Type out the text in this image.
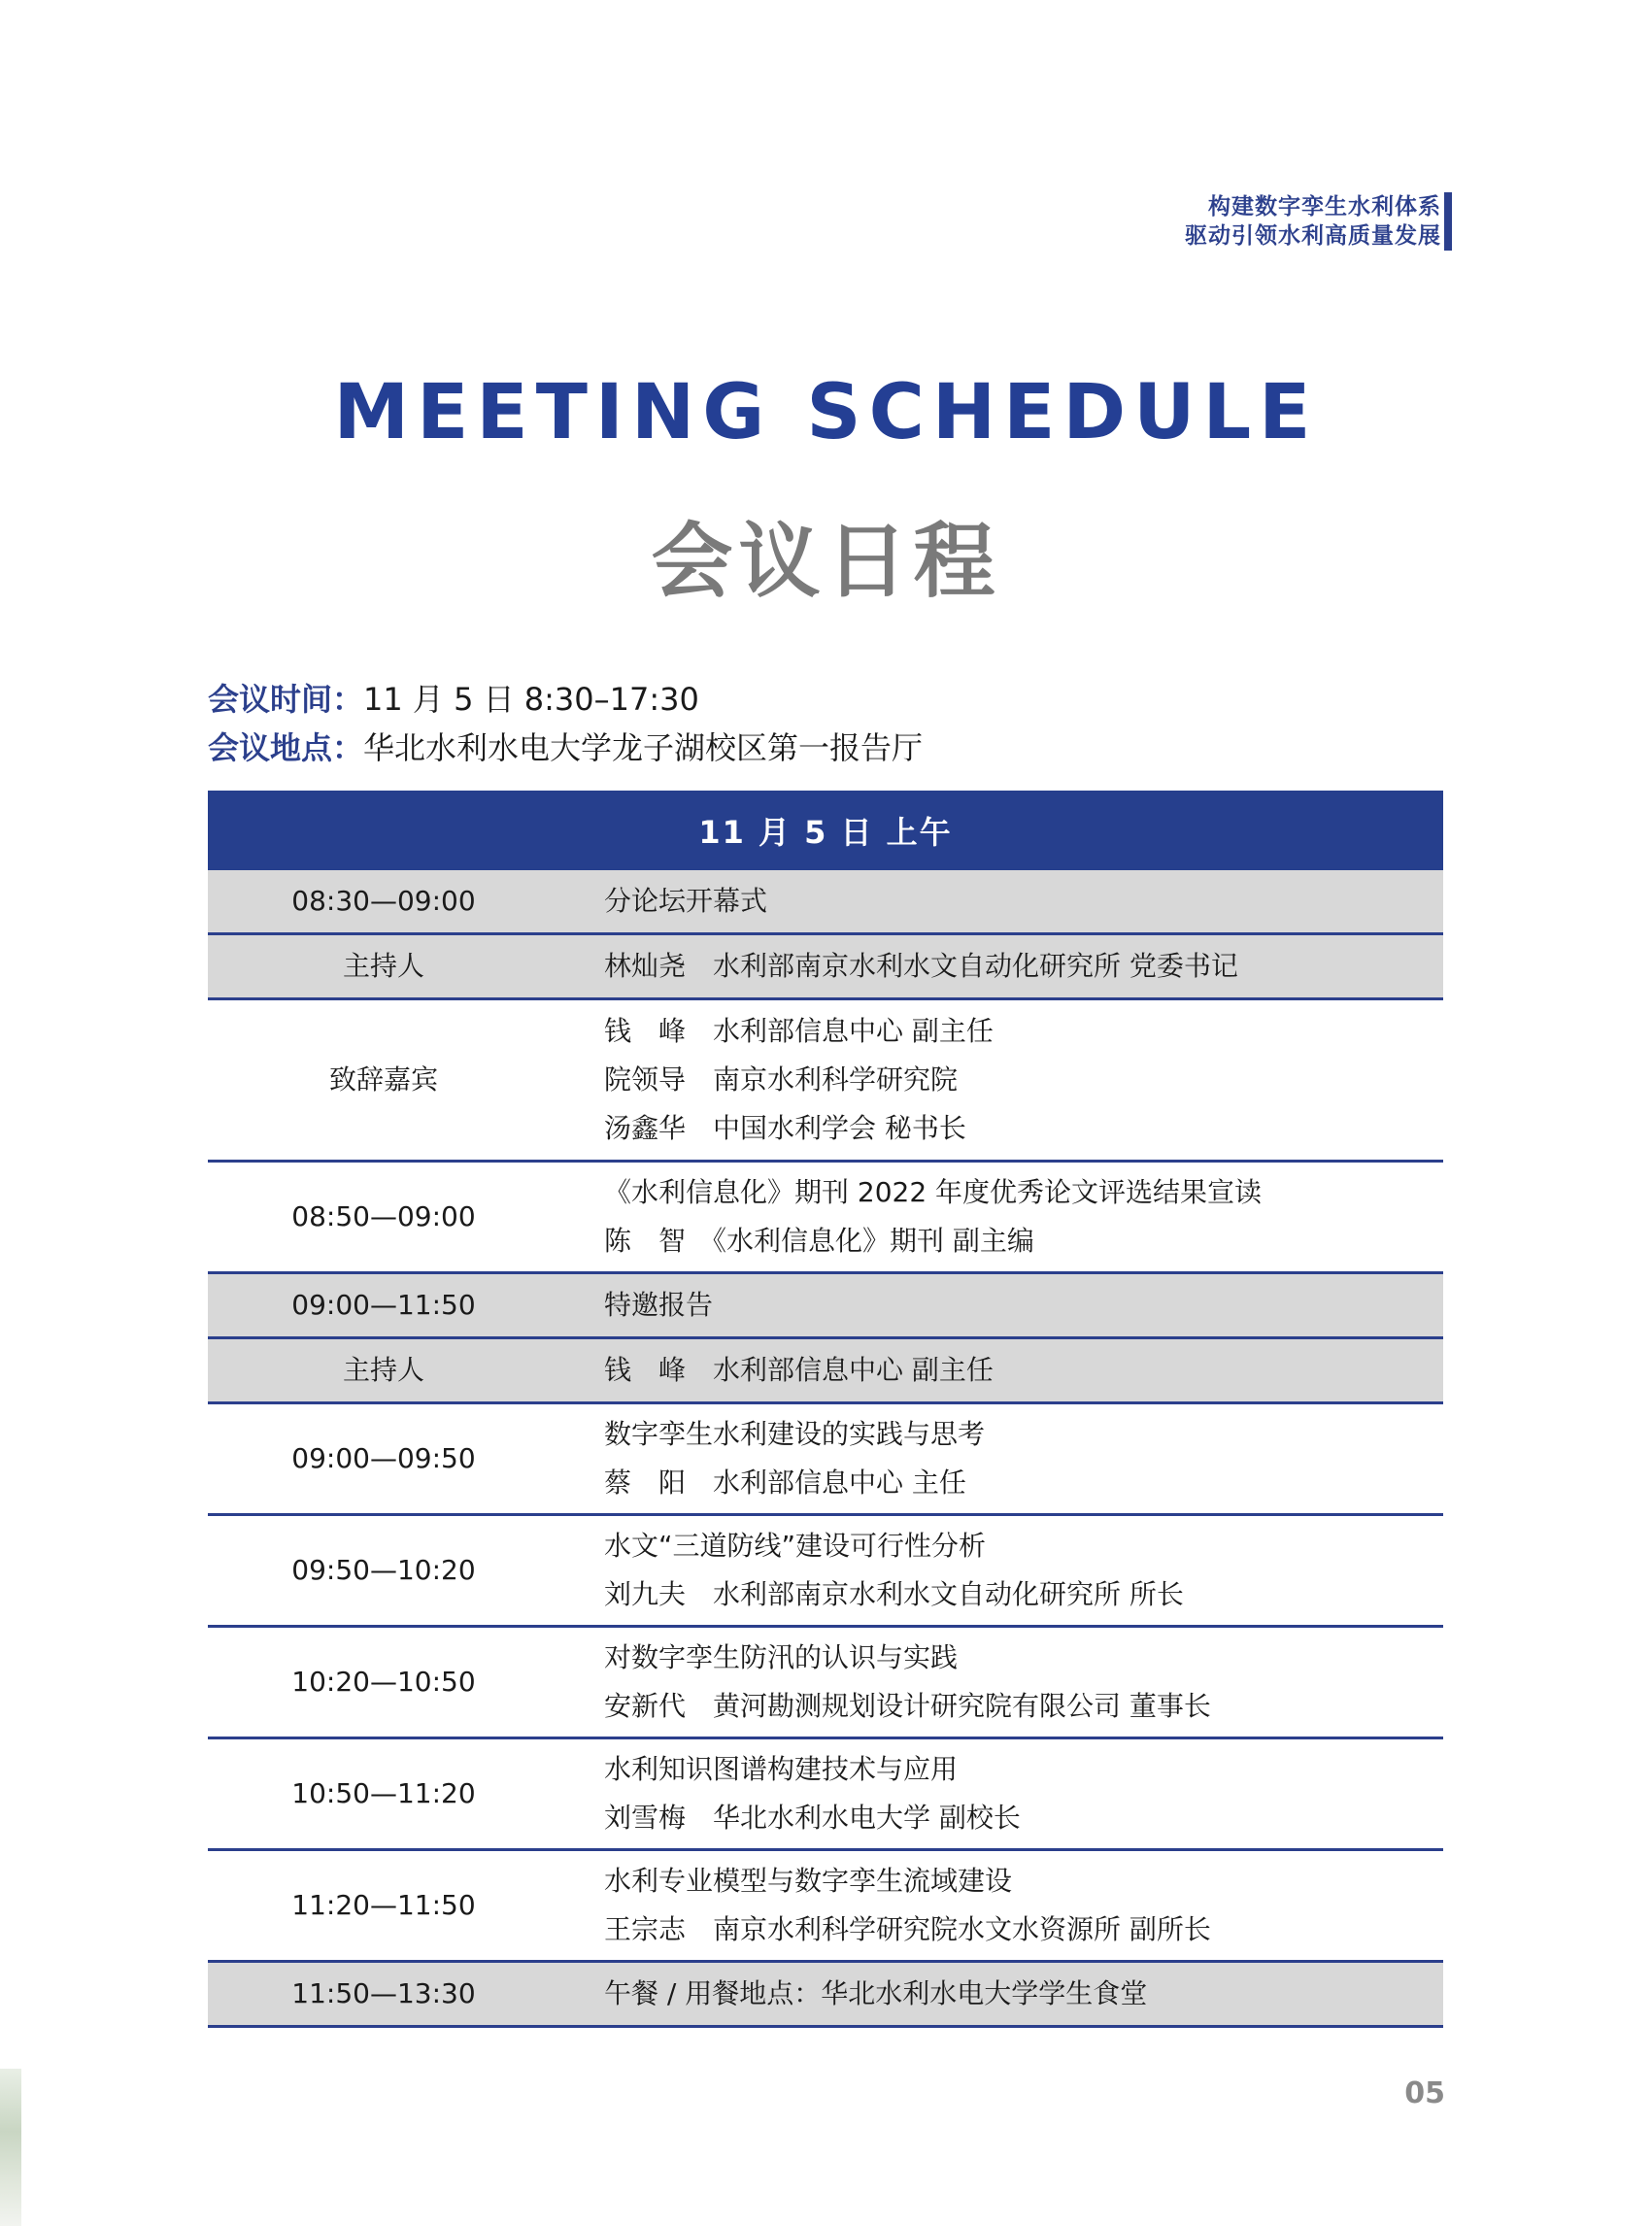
构建数字孪生水利体系
驱动引领水利高质量发展
MEETING SCHEDULE
会议日程
会议时间：11 月 5 日 8:30–17:30
会议地点：华北水利水电大学龙子湖校区第一报告厅
11 月 5 日 上午	
08:30—09:00	分论坛开幕式

主持人	林灿尧　水利部南京水利水文自动化研究所 党委书记

致辞嘉宾	钱　峰　水利部信息中心 副主任
院领导　南京水利科学研究院
汤鑫华　中国水利学会 秘书长

08:50—09:00	《水利信息化》期刊 2022 年度优秀论文评选结果宣读
陈　智　《水利信息化》期刊 副主编

09:00—11:50	特邀报告

主持人	钱　峰　水利部信息中心 副主任

09:00—09:50	数字孪生水利建设的实践与思考
蔡　阳　水利部信息中心 主任

09:50—10:20	水文“三道防线”建设可行性分析
刘九夫　水利部南京水利水文自动化研究所 所长

10:20—10:50	对数字孪生防汛的认识与实践
安新代　黄河勘测规划设计研究院有限公司 董事长

10:50—11:20	水利知识图谱构建技术与应用
刘雪梅　华北水利水电大学 副校长

11:20—11:50	水利专业模型与数字孪生流域建设
王宗志　南京水利科学研究院水文水资源所 副所长

11:50—13:30	午餐 / 用餐地点：华北水利水电大学学生食堂
05
